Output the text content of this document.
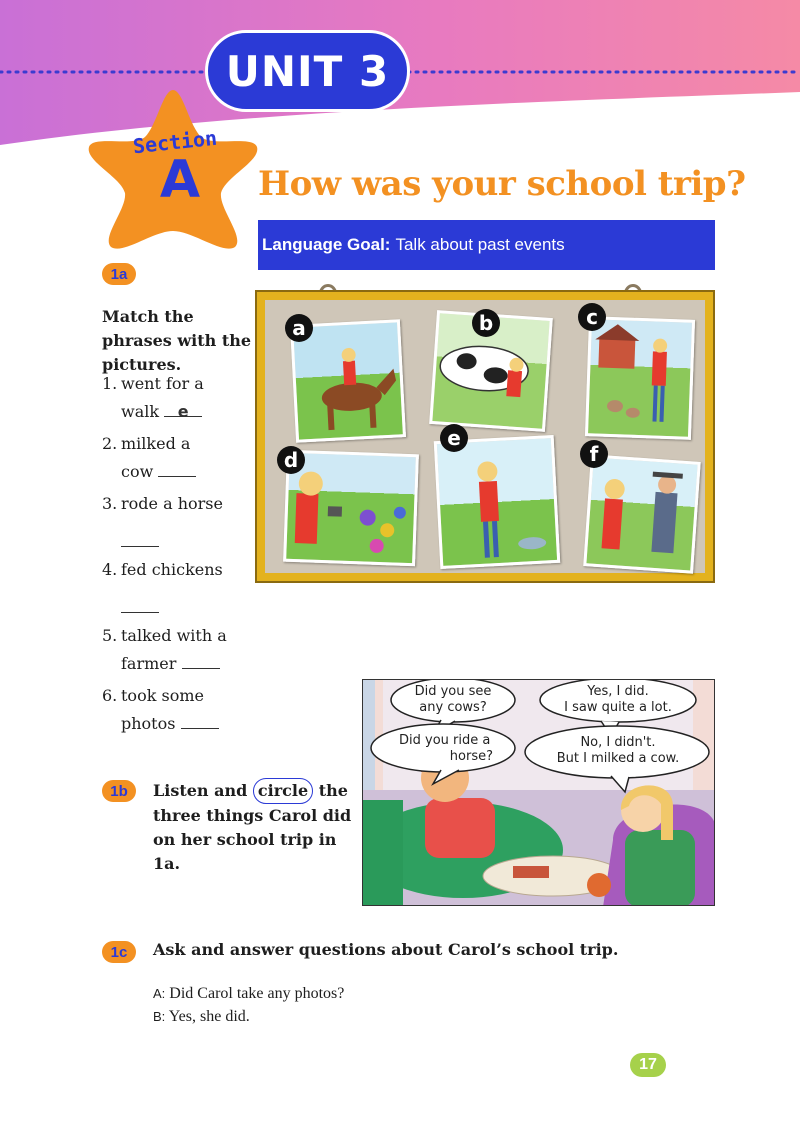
UNIT 3
Section
A	How was your school trip?
Language Goal: Talk about past events
1a
Match the phrases with the pictures.
1. went for a
walk e
2. milked a
cow
3. rode a horse
4. fed chickens
5. talked with a
farmer
6. took some
photos
a	b	c
d
e
f
1b	Listen and circle the three things Carol did on her school trip in 1a.
Did you see
any cows?
Yes, I did.
I saw quite a lot.
Did you ride a
horse?
No, I didn't.
But I milked a cow.
1c	Ask and answer questions about Carol’s school trip.
A: Did Carol take any photos?
B: Yes, she did.
17
